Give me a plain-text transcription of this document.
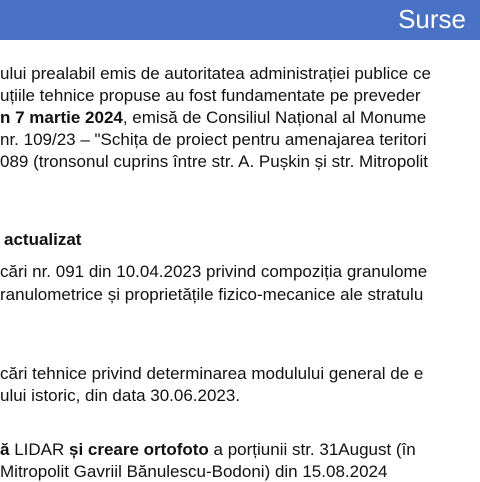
Surse
ului prealabil emis de autoritatea administrației publice ce
uțiile tehnice propuse au fost fundamentate pe preveder
n 7 martie 2024, emisă de Consiliul Național al Monume
nr. 109/23 – "Schița de proiect pentru amenajarea teritori
089 (tronsonul cuprins între str. A. Pușkin și str. Mitropolit
actualizat
cări nr. 091 din 10.04.2023 privind compoziția granulome
ranulometrice și proprietățile fizico-mecanice ale stratulu
cări tehnice privind determinarea modulului general de e
ului istoric, din data 30.06.2023.
ă LIDAR și creare ortofoto a porțiunii str. 31August (în
Mitropolit Gavriil Bănulescu-Bodoni) din 15.08.2024
